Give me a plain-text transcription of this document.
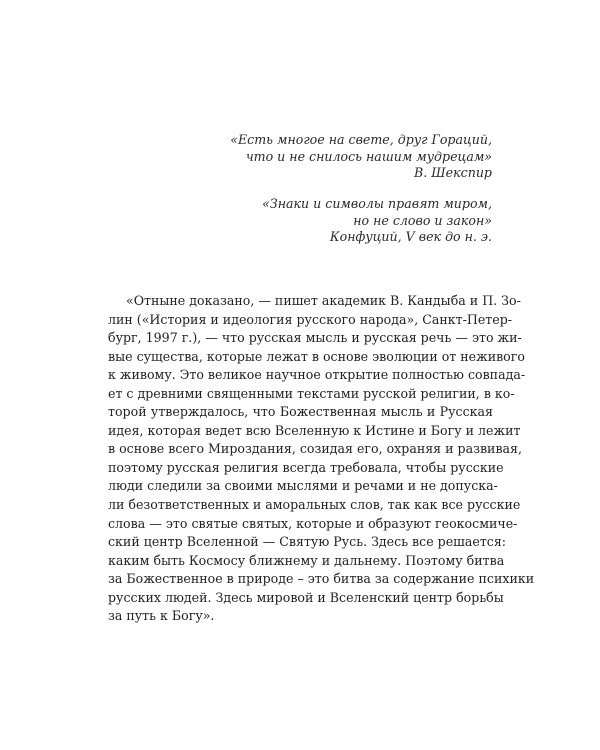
«Есть многое на свете, друг Гораций,
что и не снилось нашим мудрецам»
В. Шекспир
«Знаки и символы правят миром,
но не слово и закон»
Конфуций, V век до н. э.
«Отныне доказано, — пишет академик В. Кандыба и П. Зо-
лин («История и идеология русского народа», Санкт-Петер-
бург, 1997 г.), — что русская мысль и русская речь — это жи-
вые существа, которые лежат в основе эволюции от неживого
к живому. Это великое научное открытие полностью совпада-
ет с древними священными текстами русской религии, в ко-
торой утверждалось, что Божественная мысль и Русская
идея, которая ведет всю Вселенную к Истине и Богу и лежит
в основе всего Мироздания, созидая его, охраняя и развивая,
поэтому русская религия всегда требовала, чтобы русские
люди следили за своими мыслями и речами и не допуска-
ли безответственных и аморальных слов, так как все русские
слова — это святые святых, которые и образуют геокосмиче-
ский центр Вселенной — Святую Русь. Здесь все решается:
каким быть Космосу ближнему и дальнему. Поэтому битва
за Божественное в природе – это битва за содержание психики
русских людей. Здесь мировой и Вселенский центр борьбы
за путь к Богу».
